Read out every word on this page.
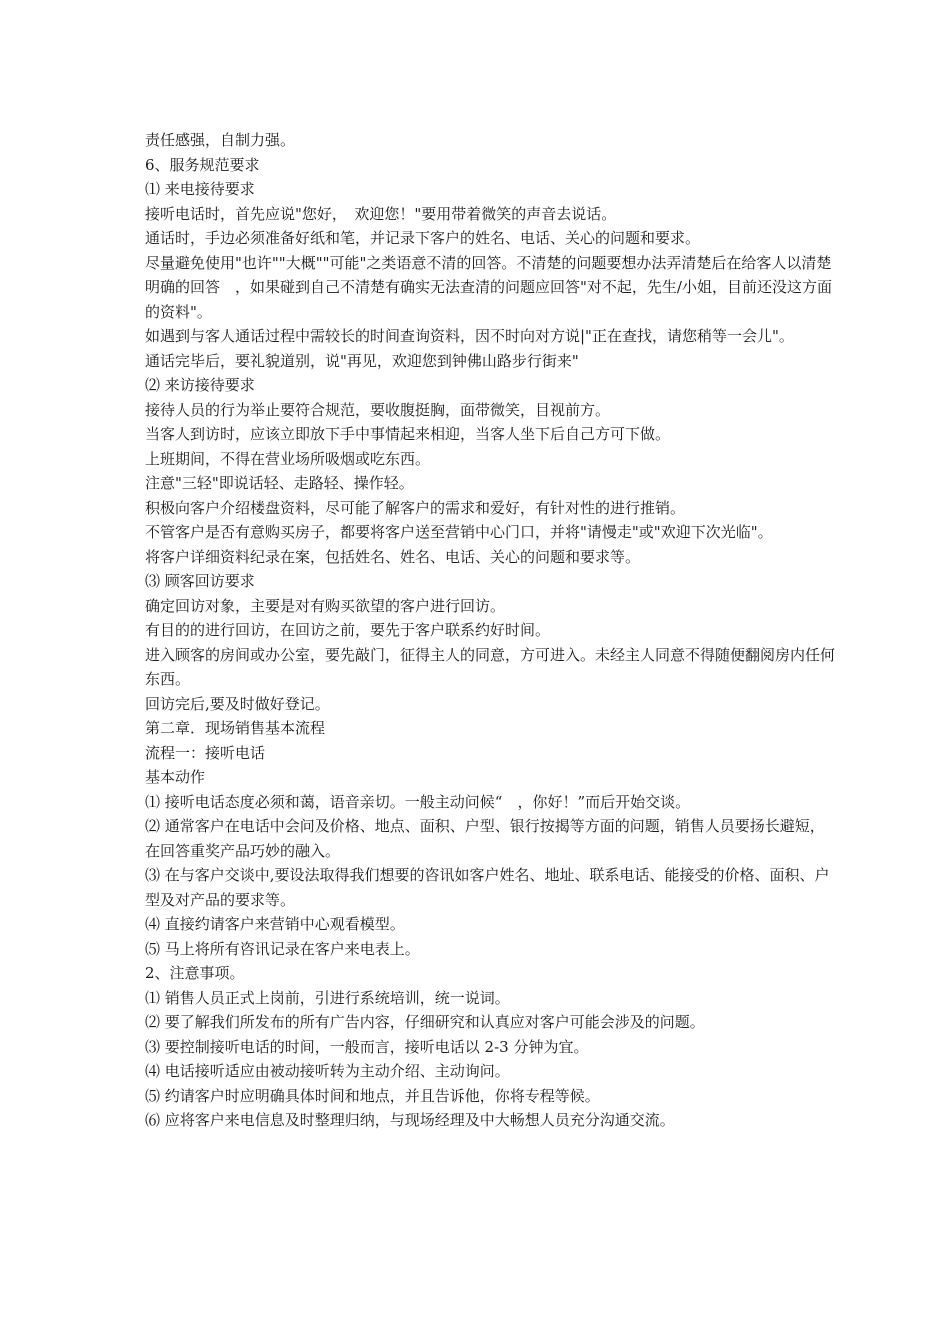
责任感强，自制力强。

6、服务规范要求

⑴ 来电接待要求

接听电话时，首先应说"您好，　欢迎您！"要用带着微笑的声音去说话。

通话时，手边必须准备好纸和笔，并记录下客户的姓名、电话、关心的问题和要求。

尽量避免使用"也许""大概""可能"之类语意不清的回答。不清楚的问题要想办法弄清楚后在给客人以清楚明确的回答　，如果碰到自己不清楚有确实无法查清的问题应回答"对不起，先生/小姐，目前还没这方面的资料"。

如遇到与客人通话过程中需较长的时间查询资料，因不时向对方说|"正在查找，请您稍等一会儿"。

通话完毕后，要礼貌道别，说"再见，欢迎您到钟佛山路步行街来"

⑵ 来访接待要求

接待人员的行为举止要符合规范，要收腹挺胸，面带微笑，目视前方。

当客人到访时，应该立即放下手中事情起来相迎，当客人坐下后自己方可下做。

上班期间，不得在营业场所吸烟或吃东西。

注意"三轻"即说话轻、走路轻、操作轻。

积极向客户介绍楼盘资料，尽可能了解客户的需求和爱好，有针对性的进行推销。

不管客户是否有意购买房子，都要将客户送至营销中心门口，并将"请慢走"或"欢迎下次光临"。

将客户详细资料纪录在案，包括姓名、姓名、电话、关心的问题和要求等。

⑶ 顾客回访要求

确定回访对象，主要是对有购买欲望的客户进行回访。

有目的的进行回访，在回访之前，要先于客户联系约好时间。

进入顾客的房间或办公室，要先敲门，征得主人的同意，方可进入。未经主人同意不得随便翻阅房内任何东西。

回访完后,要及时做好登记。

第二章．现场销售基本流程

流程一：接听电话

基本动作

⑴ 接听电话态度必须和蔼，语音亲切。一般主动问候“　，你好！”而后开始交谈。

⑵ 通常客户在电话中会问及价格、地点、面积、户型、银行按揭等方面的问题，销售人员要扬长避短，在回答重奖产品巧妙的融入。

⑶ 在与客户交谈中,要设法取得我们想要的咨讯如客户姓名、地址、联系电话、能接受的价格、面积、户型及对产品的要求等。

⑷ 直接约请客户来营销中心观看模型。

⑸ 马上将所有咨讯记录在客户来电表上。

2、注意事项。

⑴ 销售人员正式上岗前，引进行系统培训，统一说词。

⑵ 要了解我们所发布的所有广告内容，仔细研究和认真应对客户可能会涉及的问题。

⑶ 要控制接听电话的时间，一般而言，接听电话以 2-3 分钟为宜。

⑷ 电话接听适应由被动接听转为主动介绍、主动询问。

⑸ 约请客户时应明确具体时间和地点，并且告诉他，你将专程等候。

⑹ 应将客户来电信息及时整理归纳，与现场经理及中大畅想人员充分沟通交流。
